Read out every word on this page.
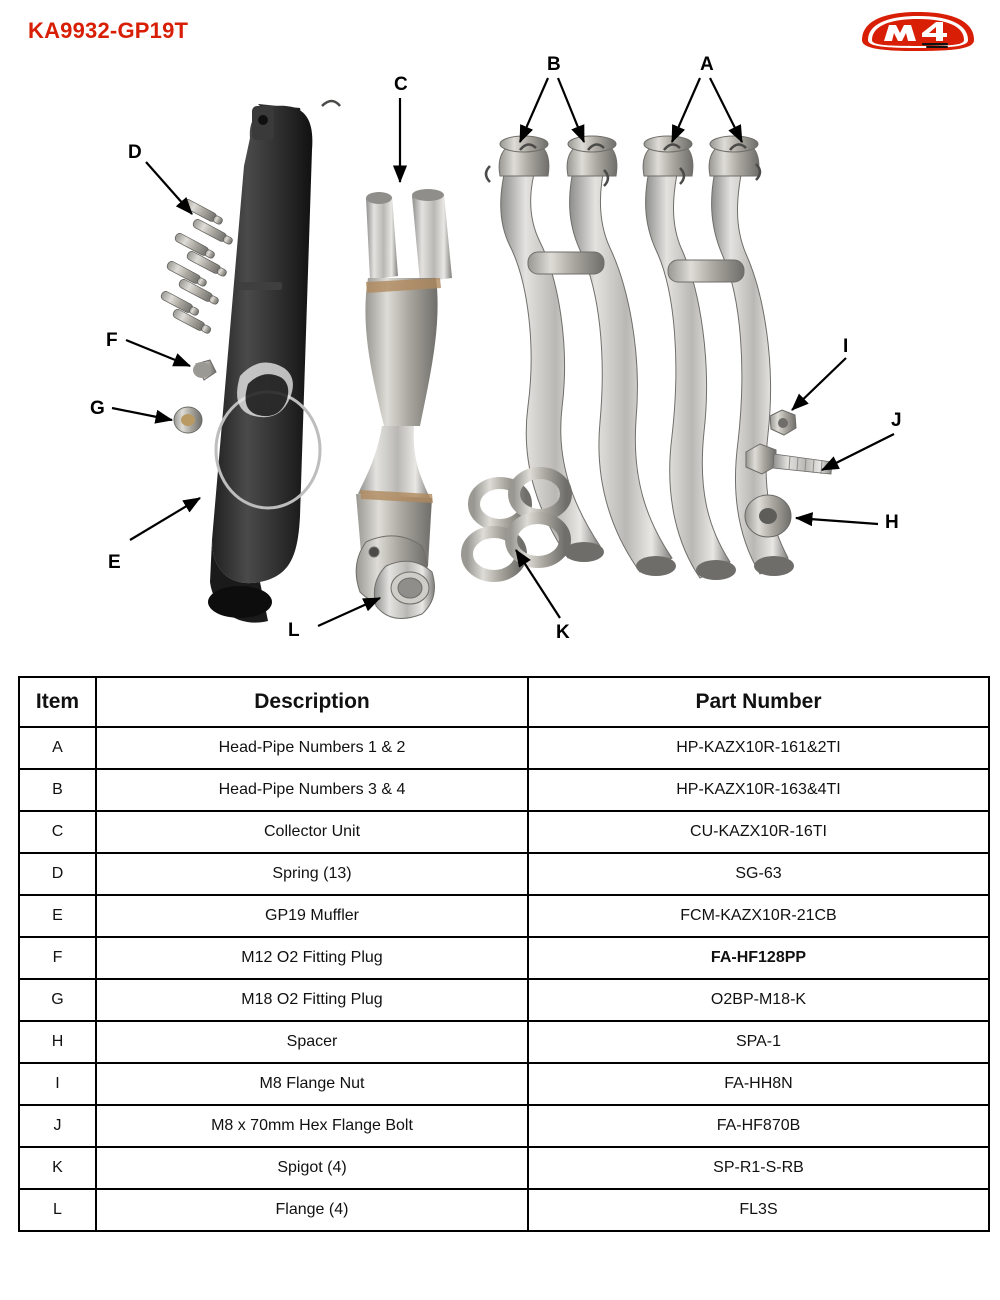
KA9932-GP19T
D
C
B	A
F
G
E
I
J
H
L	K
Item	Description	Part Number
A	Head-Pipe Numbers 1 & 2	HP-KAZX10R-161&2TI
B	Head-Pipe Numbers 3 & 4	HP-KAZX10R-163&4TI
C	Collector Unit	CU-KAZX10R-16TI
D	Spring (13)	SG-63
E	GP19 Muffler	FCM-KAZX10R-21CB
F	M12 O2 Fitting Plug	FA-HF128PP
G	M18 O2 Fitting Plug	O2BP-M18-K
H	Spacer	SPA-1
I	M8 Flange Nut	FA-HH8N
J	M8 x 70mm Hex Flange Bolt	FA-HF870B
K	Spigot (4)	SP-R1-S-RB
L	Flange (4)	FL3S
